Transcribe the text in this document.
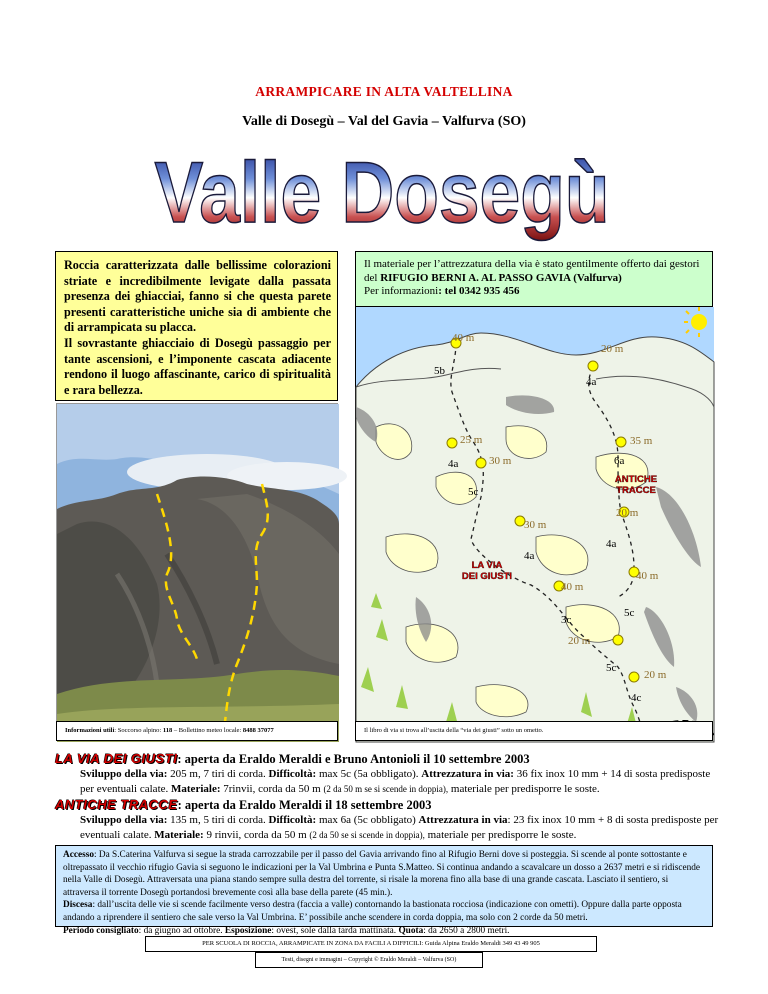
ARRAMPICARE IN ALTA VALTELLINA
Valle di Dosegù – Val del Gavia – Valfurva (SO)
Valle Dosegù

Roccia caratterizzata dalle bellissime colorazioni striate e incredibilmente levigate dalla passata presenza dei ghiacciai, fanno si che questa parete presenti caratteristiche uniche sia di ambiente che di arrampicata su placca.

Il sovrastante ghiacciaio di Dosegù passaggio per tante ascensioni, e l’imponente cascata adiacente rendono il luogo affascinante, carico di spiritualità e rara bellezza.

Informazioni utili: Soccorso alpino: 118 – Bollettino meteo locale: 8488 37077
Il materiale per l’attrezzatura della via è stato gentilmente offerto dai gestori del RIFUGIO BERNI A. AL PASSO GAVIA (Valfurva)
Per informazioni: tel 0342 935 456
40 m
20 m
25 m	35 m
30 m
20 m
30 m
40 m
40 m
20 m
20 m
5b
4a
4a	6a
5c
4a
4a
5c
3c
5c
4c
ANTICHE
TRACCE
LA VIA
DEI GIUSTI
Il libro di via si trova all’uscita della “via dei giusti” sotto un ometto.
LA VIA DEI GIUSTI: aperta da Eraldo Meraldi e Bruno Antonioli il 10 settembre 2003
Sviluppo della via: 205 m, 7 tiri di corda. Difficoltà: max 5c (5a obbligato). Attrezzatura in via: 36 fix inox 10 mm + 14 di sosta predisposte per eventuali calate. Materiale: 7rinvii, corda da 50 m (2 da 50 m se si scende in doppia), materiale per predisporre le soste.
ANTICHE TRACCE: aperta da Eraldo Meraldi il 18 settembre 2003
Sviluppo della via: 135 m, 5 tiri di corda. Difficoltà: max 6a (5c obbligato) Attrezzatura in via: 23 fix inox 10 mm + 8 di sosta predisposte per eventuali calate. Materiale: 9 rinvii, corda da 50 m (2 da 50 se si scende in doppia), materiale per predisporre le soste.

Accesso: Da S.Caterina Valfurva si segue la strada carrozzabile per il passo del Gavia arrivando fino al Rifugio Berni dove si posteggia. Si scende al ponte sottostante e oltrepassato il vecchio rifugio Gavia si seguono le indicazioni per la Val Umbrina e Punta S.Matteo. Si continua andando a scavalcare un dosso a 2637 metri e si ridiscende nella Valle di Dosegù. Attraversata una piana stando sempre sulla destra del torrente, si risale la morena fino alla base di una grande cascata. Lasciato il sentiero, si attraversa il torrente Dosegù portandosi brevemente così alla base della parete (45 min.).

Discesa: dall’uscita delle vie si scende facilmente verso destra (faccia a valle) contornando la bastionata rocciosa (indicazione con ometti). Oppure dalla parte opposta andando a riprendere il sentiero che sale verso la Val Umbrina. E’ possibile anche scendere in corda doppia, ma solo con 2 corde da 50 metri.

Periodo consigliato: da giugno ad ottobre. Esposizione: ovest, sole dalla tarda mattinata. Quota: da 2650 a 2800 metri.

PER SCUOLA DI ROCCIA, ARRAMPICATE IN ZONA DA FACILI A DIFFICILI: Guida Alpina Eraldo Meraldi 349 43 49 905
Testi, disegni e immagini – Copyright © Eraldo Meraldi – Valfurva (SO)
